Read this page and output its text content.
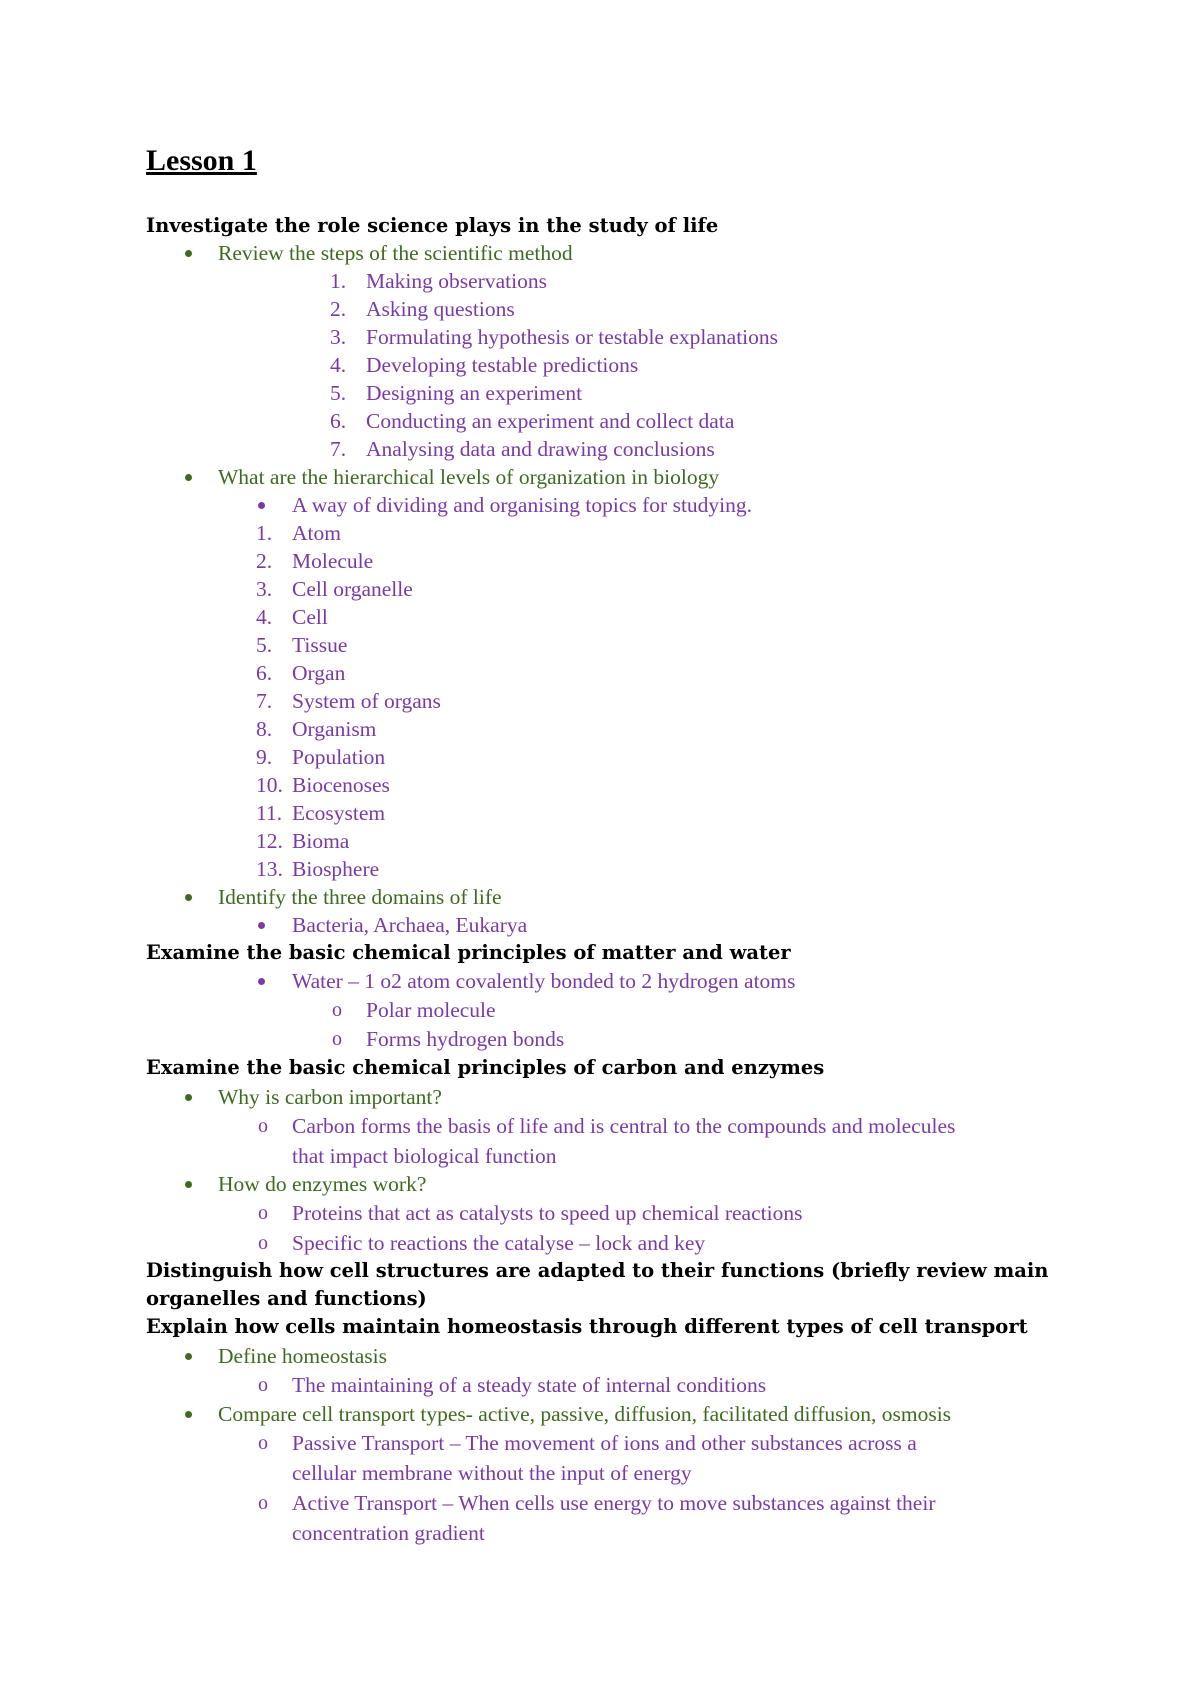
Lesson 1
Investigate the role science plays in the study of life
Review the steps of the scientific method
1. Making observations
2. Asking questions
3. Formulating hypothesis or testable explanations
4. Developing testable predictions
5. Designing an experiment
6. Conducting an experiment and collect data
7. Analysing data and drawing conclusions
What are the hierarchical levels of organization in biology
A way of dividing and organising topics for studying.
1. Atom
2. Molecule
3. Cell organelle
4. Cell
5. Tissue
6. Organ
7. System of organs
8. Organism
9. Population
10. Biocenoses
11. Ecosystem
12. Bioma
13. Biosphere
Identify the three domains of life
Bacteria, Archaea, Eukarya
Examine the basic chemical principles of matter and water
Water – 1 o2 atom covalently bonded to 2 hydrogen atoms
o Polar molecule
o Forms hydrogen bonds
Examine the basic chemical principles of carbon and enzymes
Why is carbon important?
o Carbon forms the basis of life and is central to the compounds and molecules
that impact biological function
How do enzymes work?
o Proteins that act as catalysts to speed up chemical reactions
o Specific to reactions the catalyse – lock and key
Distinguish how cell structures are adapted to their functions (briefly review main
organelles and functions)
Explain how cells maintain homeostasis through different types of cell transport
Define homeostasis
o The maintaining of a steady state of internal conditions
Compare cell transport types- active, passive, diffusion, facilitated diffusion, osmosis
o Passive Transport – The movement of ions and other substances across a
cellular membrane without the input of energy
o Active Transport – When cells use energy to move substances against their
concentration gradient
